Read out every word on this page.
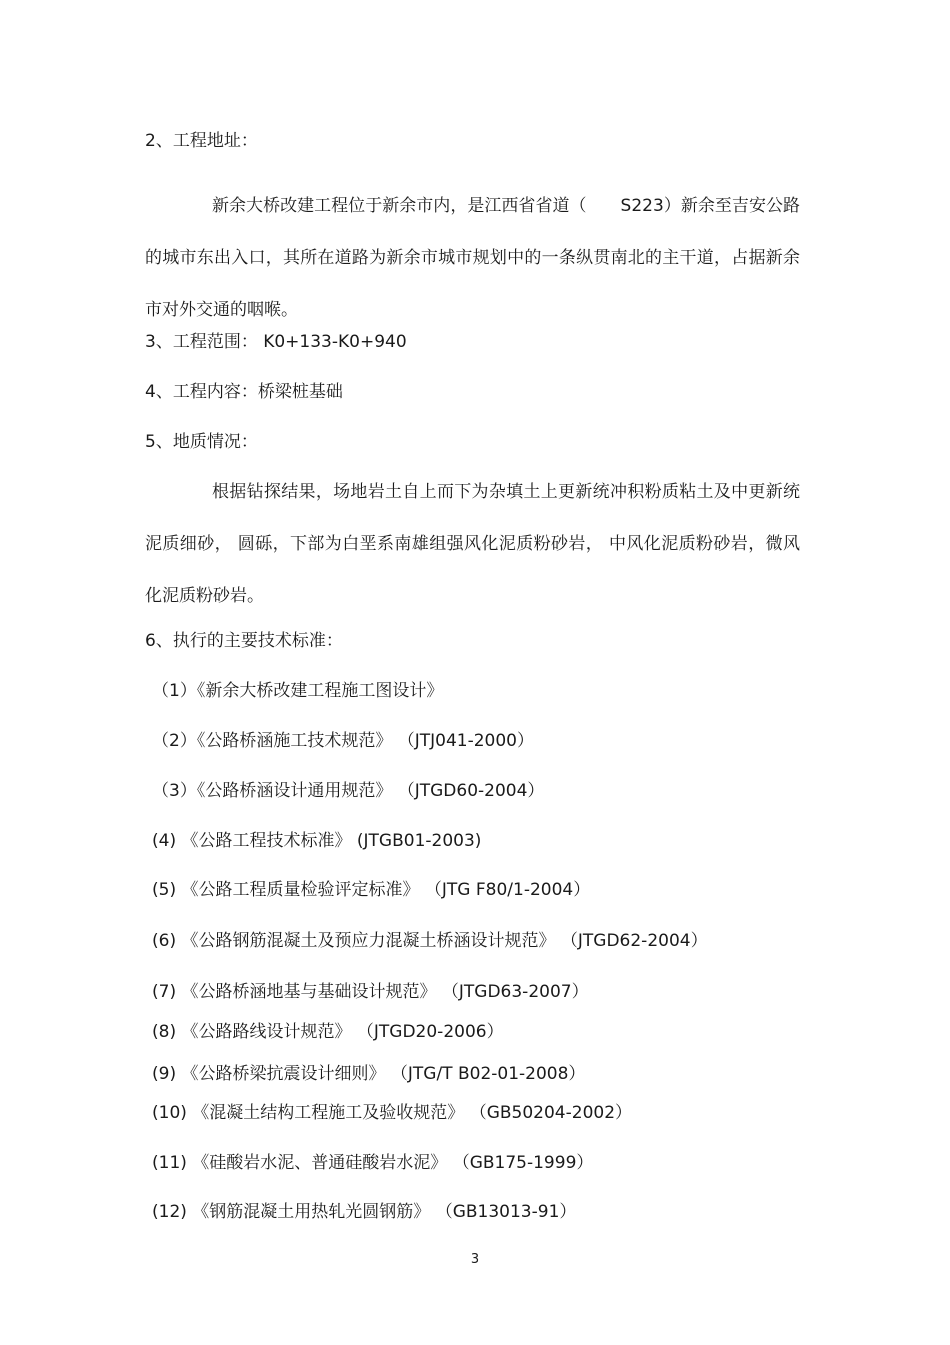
2、工程地址：
新余大桥改建工程位于新余市内，是江西省省道（　　S223）新余至吉安公路的城市东出入口，其所在道路为新余市城市规划中的一条纵贯南北的主干道，占据新余市对外交通的咽喉。
3、工程范围： K0+133-K0+940
4、工程内容：桥梁桩基础
5、地质情况：
根据钻探结果，场地岩土自上而下为杂填土上更新统冲积粉质粘土及中更新统泥质细砂， 圆砾，下部为白垩系南雄组强风化泥质粉砂岩， 中风化泥质粉砂岩，微风化泥质粉砂岩。
6、执行的主要技术标准：
（1）《新余大桥改建工程施工图设计》
（2）《公路桥涵施工技术规范》 （JTJ041-2000）
（3）《公路桥涵设计通用规范》 （JTGD60-2004）
(4) 《公路工程技术标准》 (JTGB01-2003)
(5) 《公路工程质量检验评定标准》 （JTG F80/1-2004）
(6) 《公路钢筋混凝土及预应力混凝土桥涵设计规范》 （JTGD62-2004）
(7) 《公路桥涵地基与基础设计规范》 （JTGD63-2007）
(8) 《公路路线设计规范》 （JTGD20-2006）
(9) 《公路桥梁抗震设计细则》 （JTG/T B02-01-2008）
(10) 《混凝土结构工程施工及验收规范》 （GB50204-2002）
(11) 《硅酸岩水泥、普通硅酸岩水泥》 （GB175-1999）
(12) 《钢筋混凝土用热轧光圆钢筋》 （GB13013-91）
3
